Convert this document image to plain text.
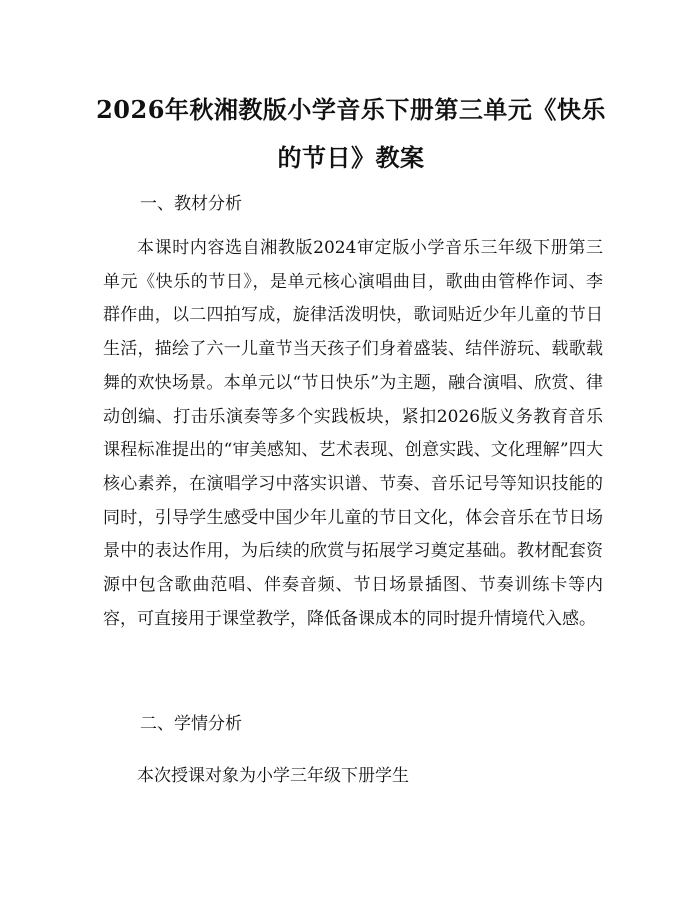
2026年秋湘教版小学音乐下册第三单元《快乐的节日》教案
一、教材分析

本课时内容选自湘教版2024审定版小学音乐三年级下册第三单元《快乐的节日》，是单元核心演唱曲目，歌曲由管桦作词、李群作曲，以二四拍写成，旋律活泼明快，歌词贴近少年儿童的节日生活，描绘了六一儿童节当天孩子们身着盛装、结伴游玩、载歌载舞的欢快场景。本单元以“节日快乐”为主题，融合演唱、欣赏、律动创编、打击乐演奏等多个实践板块，紧扣2026版义务教育音乐课程标准提出的“审美感知、艺术表现、创意实践、文化理解”四大核心素养，在演唱学习中落实识谱、节奏、音乐记号等知识技能的同时，引导学生感受中国少年儿童的节日文化，体会音乐在节日场景中的表达作用，为后续的欣赏与拓展学习奠定基础。教材配套资源中包含歌曲范唱、伴奏音频、节日场景插图、节奏训练卡等内容，可直接用于课堂教学，降低备课成本的同时提升情境代入感。

二、学情分析

本次授课对象为小学三年级下册学生
